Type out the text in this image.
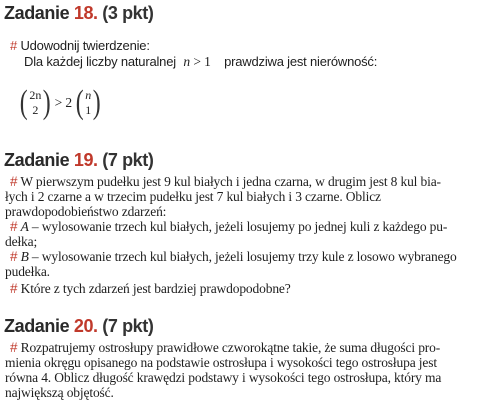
Zadanie 18. (3 pkt)
# Udowodnij twierdzenie:
Dla każdej liczby naturalnej n > 1 prawdziwa jest nierówność:
( 2n
2 ) > 2 ( n
1 )
Zadanie 19. (7 pkt)
# W pierwszym pudełku jest 9 kul białych i jedna czarna, w drugim jest 8 kul bia-
łych i 2 czarne a w trzecim pudełku jest 7 kul białych i 3 czarne. Oblicz
prawdopodobieństwo zdarzeń:
# A – wylosowanie trzech kul białych, jeżeli losujemy po jednej kuli z każdego pu-
dełka;
# B – wylosowanie trzech kul białych, jeżeli losujemy trzy kule z losowo wybranego
pudełka.
# Które z tych zdarzeń jest bardziej prawdopodobne?
Zadanie 20. (7 pkt)
# Rozpatrujemy ostrosłupy prawidłowe czworokątne takie, że suma długości pro-
mienia okręgu opisanego na podstawie ostrosłupa i wysokości tego ostrosłupa jest
równa 4. Oblicz długość krawędzi podstawy i wysokości tego ostrosłupa, który ma
największą objętość.
